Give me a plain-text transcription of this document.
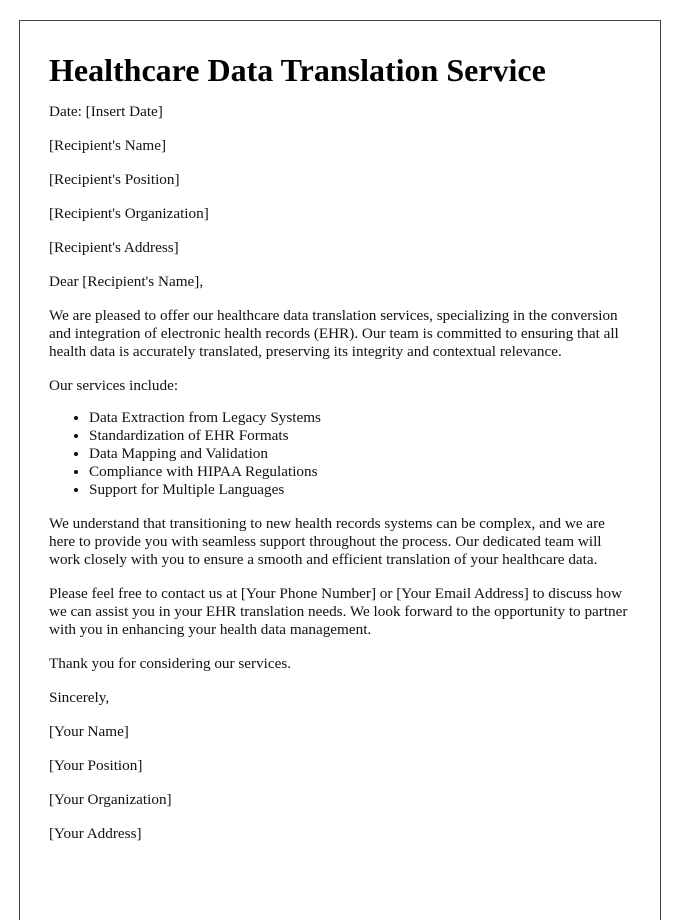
Healthcare Data Translation Service

Date: [Insert Date]

[Recipient's Name]

[Recipient's Position]

[Recipient's Organization]

[Recipient's Address]

Dear [Recipient's Name],

We are pleased to offer our healthcare data translation services, specializing in the conversion and integration of electronic health records (EHR). Our team is committed to ensuring that all health data is accurately translated, preserving its integrity and contextual relevance.

Our services include:

• Data Extraction from Legacy Systems
• Standardization of EHR Formats
• Data Mapping and Validation
• Compliance with HIPAA Regulations
• Support for Multiple Languages

We understand that transitioning to new health records systems can be complex, and we are here to provide you with seamless support throughout the process. Our dedicated team will work closely with you to ensure a smooth and efficient translation of your healthcare data.

Please feel free to contact us at [Your Phone Number] or [Your Email Address] to discuss how we can assist you in your EHR translation needs. We look forward to the opportunity to partner with you in enhancing your health data management.

Thank you for considering our services.

Sincerely,

[Your Name]

[Your Position]

[Your Organization]

[Your Address]
